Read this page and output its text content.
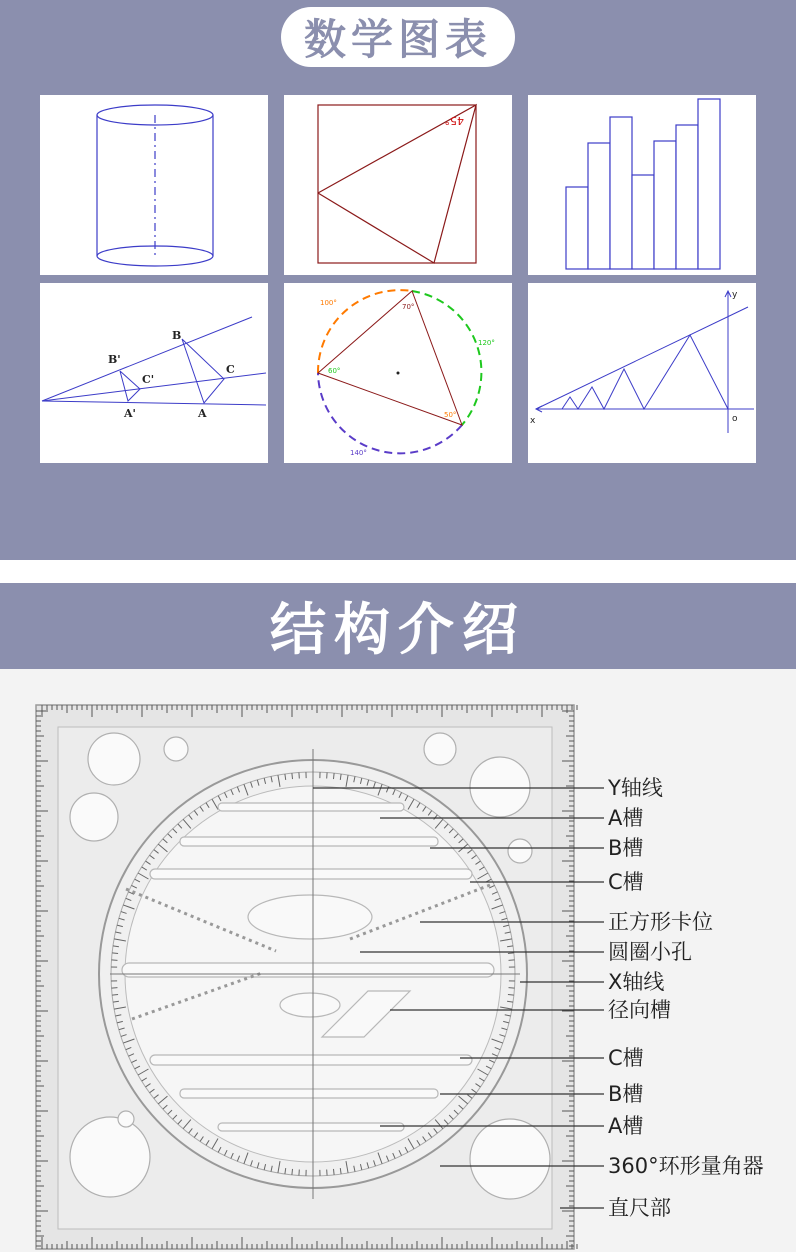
数学图表
45°
B
B'
C
C'
A
A'
100°
120°
140°
70°
60°
50°
y
x	o
结构介绍
Y轴线
A槽
B槽
C槽
正方形卡位
圆圈小孔
X轴线
径向槽
C槽
B槽
A槽
360°环形量角器
直尺部
